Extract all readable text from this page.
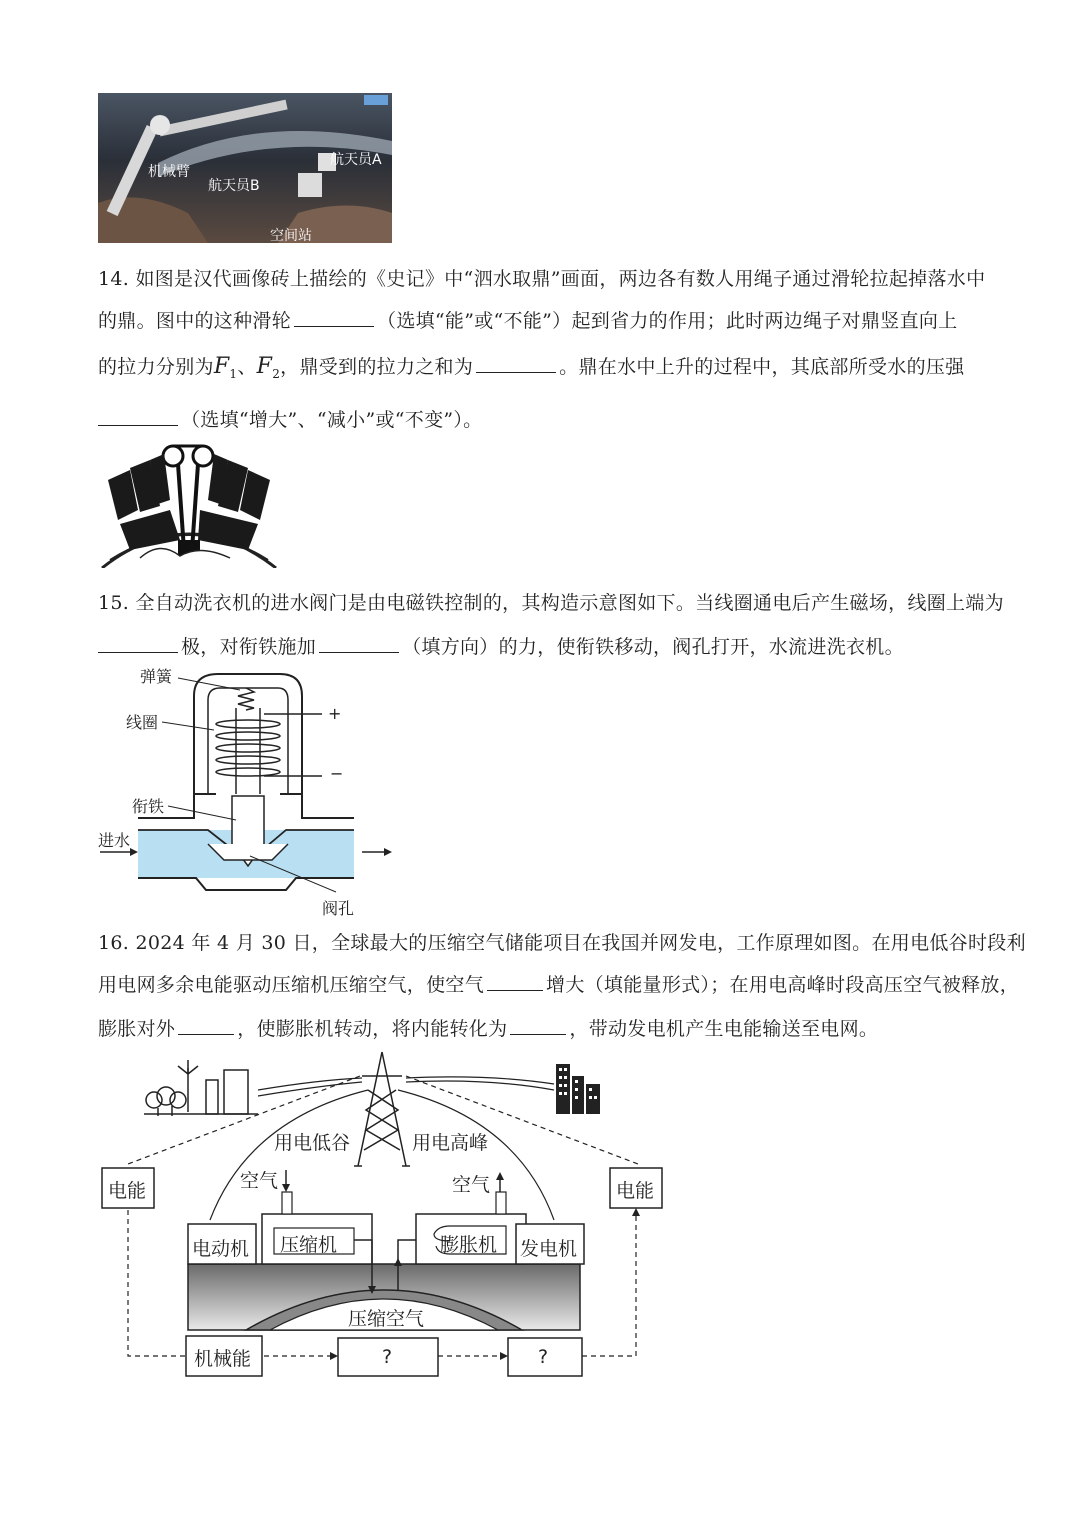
机械臂
航天员A
航天员B
空间站
14. 如图是汉代画像砖上描绘的《史记》中“泗水取鼎”画面，两边各有数人用绳子通过滑轮拉起掉落水中
的鼎。图中的这种滑轮	（选填“能”或“不能”）起到省力的作用；此时两边绳子对鼎竖直向上
的拉力分别为$F_1$、$F_2$，鼎受到的拉力之和为	。鼎在水中上升的过程中，其底部所受水的压强
（选填“增大”、“减小”或“不变”）。
15. 全自动洗衣机的进水阀门是由电磁铁控制的，其构造示意图如下。当线圈通电后产生磁场，线圈上端为
极，对衔铁施加	（填方向）的力，使衔铁移动，阀孔打开，水流进洗衣机。
弹簧
线圈	+
−
衔铁
进水
阀孔
16. 2024 年 4 月 30 日，全球最大的压缩空气储能项目在我国并网发电，工作原理如图。在用电低谷时段利
用电网多余电能驱动压缩机压缩空气，使空气	增大（填能量形式）；在用电高峰时段高压空气被释放，
膨胀对外	，使膨胀机转动，将内能转化为	，带动发电机产生电能输送至电网。
用电低谷	用电高峰
电能	电能
空气	空气
电动机 压缩机	膨胀机 发电机
压缩空气
机械能	?	?
